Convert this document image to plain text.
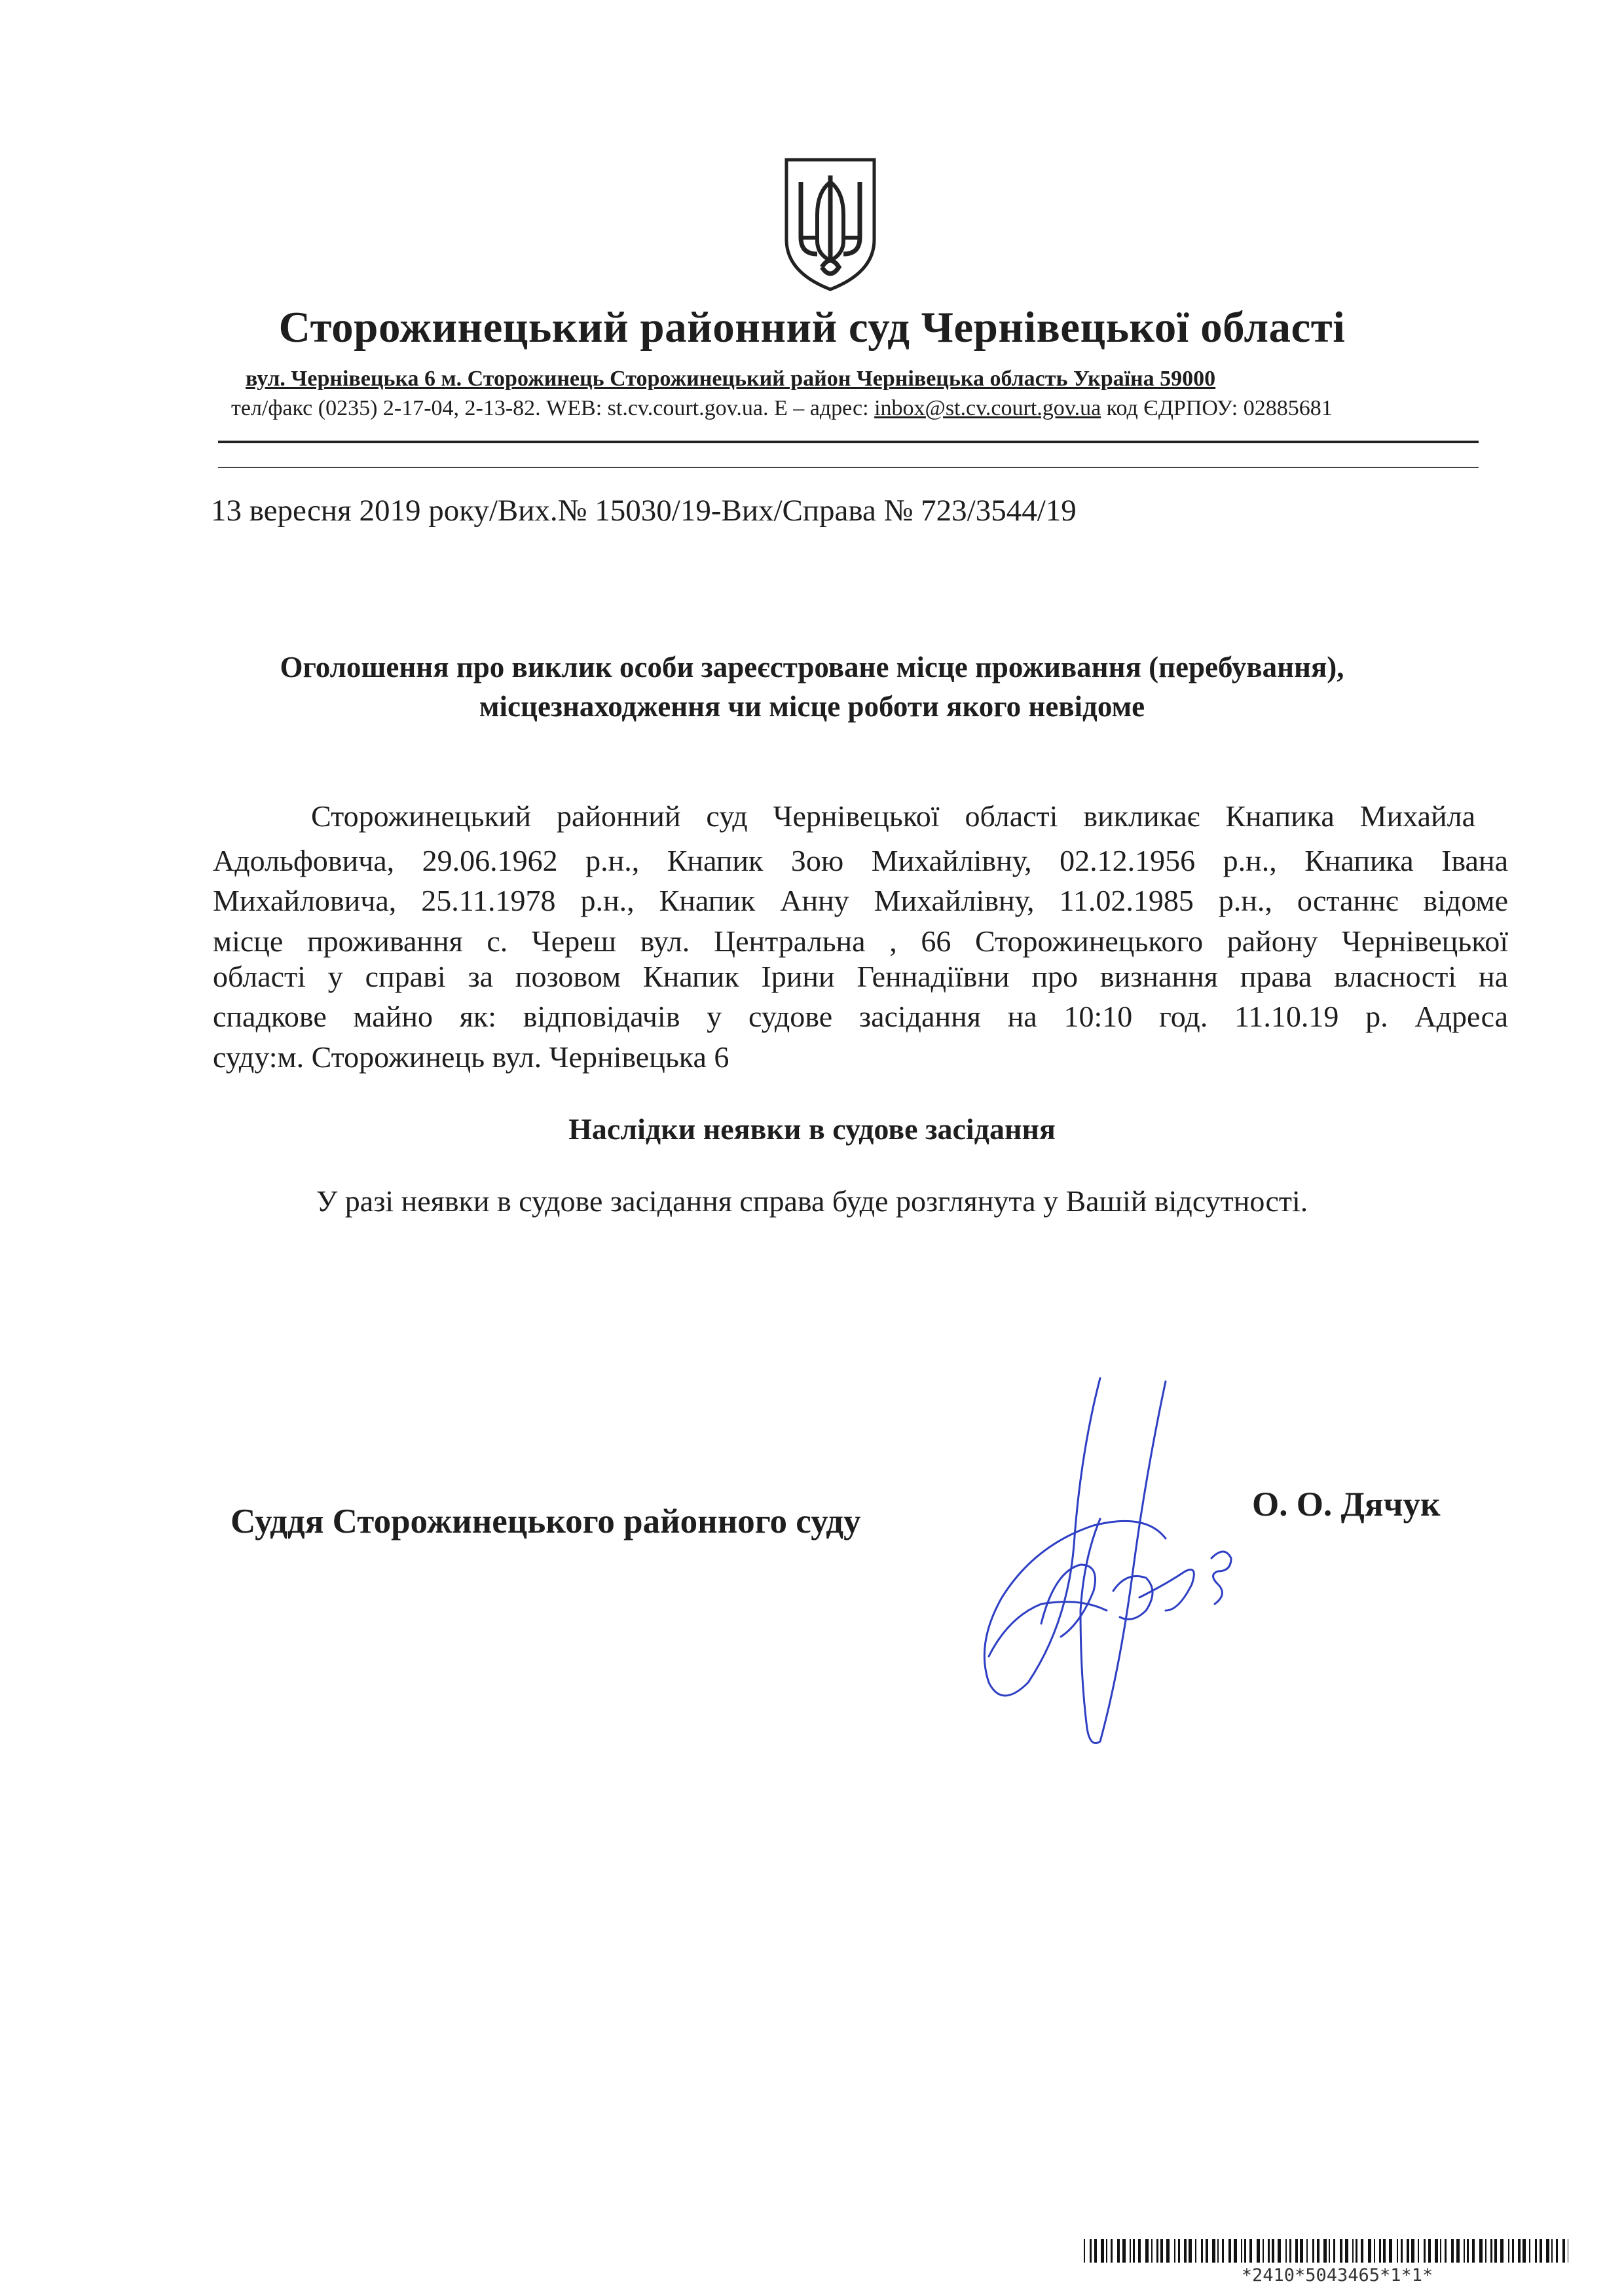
Сторожинецький районний суд Чернівецької області
вул. Чернівецька 6 м. Сторожинець Сторожинецький район Чернівецька область Україна 59000
тел/факс (0235) 2-17-04, 2-13-82. WEB: st.cv.court.gov.ua. E – адрес: inbox@st.cv.court.gov.ua код ЄДРПОУ: 02885681
13 вересня 2019 року/Вих.№ 15030/19-Вих/Справа № 723/3544/19
Оголошення про виклик особи зареєстроване місце проживання (перебування),
місцезнаходження чи місце роботи якого невідоме
Сторожинецький районний суд Чернівецької області викликає Кнапика Михайла
Адольфовича, 29.06.1962 р.н., Кнапик Зою Михайлівну, 02.12.1956 р.н., Кнапика Івана
Михайловича, 25.11.1978 р.н., Кнапик Анну Михайлівну, 11.02.1985 р.н., останнє відоме
місце проживання с. Череш вул. Центральна , 66 Сторожинецького району Чернівецької
області у справі за позовом Кнапик Ірини Геннадіївни про визнання права власності на
спадкове майно як: відповідачів у судове засідання на 10:10 год. 11.10.19 р. Адреса
суду:м. Сторожинець вул. Чернівецька 6
Наслідки неявки в судове засідання
У разі неявки в судове засідання справа буде розглянута у Вашій відсутності.
Суддя Сторожинецького районного суду	О. О. Дячук
*2410*5043465*1*1*
